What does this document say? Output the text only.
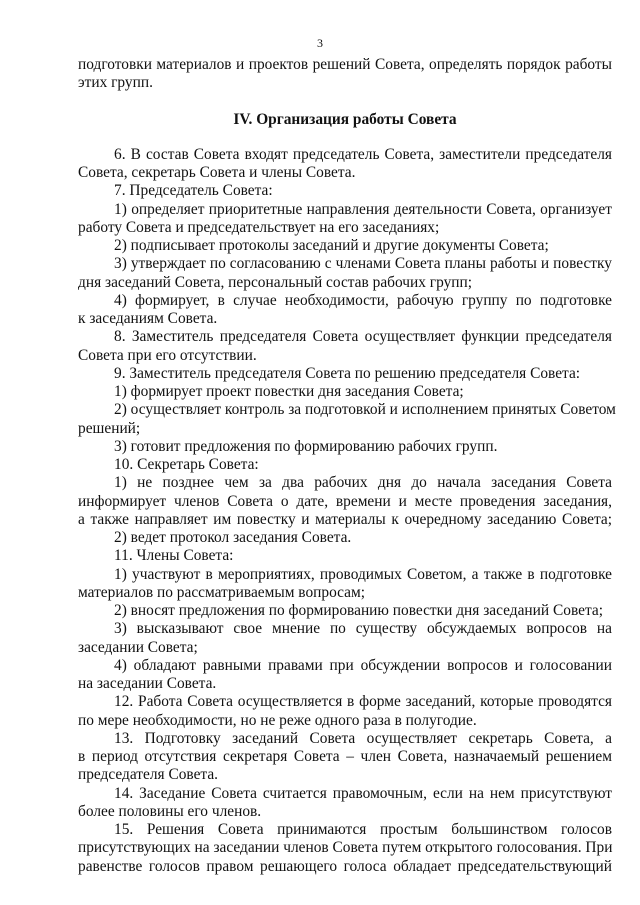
3
подготовки материалов и проектов решений Совета, определять порядок работы
этих групп.
IV. Организация работы Совета
6. В состав Совета входят председатель Совета, заместители председателя
Совета, секретарь Совета и члены Совета.
7. Председатель Совета:
1) определяет приоритетные направления деятельности Совета, организует
работу Совета и председательствует на его заседаниях;
2) подписывает протоколы заседаний и другие документы Совета;
3) утверждает по согласованию с членами Совета планы работы и повестку
дня заседаний Совета, персональный состав рабочих групп;
4) формирует, в случае необходимости, рабочую группу по подготовке
к заседаниям Совета.
8. Заместитель председателя Совета осуществляет функции председателя
Совета при его отсутствии.
9. Заместитель председателя Совета по решению председателя Совета:
1) формирует проект повестки дня заседания Совета;
2) осуществляет контроль за подготовкой и исполнением принятых Советом
решений;
3) готовит предложения по формированию рабочих групп.
10. Секретарь Совета:
1) не позднее чем за два рабочих дня до начала заседания Совета
информирует членов Совета о дате, времени и месте проведения заседания,
а также направляет им повестку и материалы к очередному заседанию Совета;
2) ведет протокол заседания Совета.
11. Члены Совета:
1) участвуют в мероприятиях, проводимых Советом, а также в подготовке
материалов по рассматриваемым вопросам;
2) вносят предложения по формированию повестки дня заседаний Совета;
3) высказывают свое мнение по существу обсуждаемых вопросов на
заседании Совета;
4) обладают равными правами при обсуждении вопросов и голосовании
на заседании Совета.
12. Работа Совета осуществляется в форме заседаний, которые проводятся
по мере необходимости, но не реже одного раза в полугодие.
13. Подготовку заседаний Совета осуществляет секретарь Совета, а
в период отсутствия секретаря Совета – член Совета, назначаемый решением
председателя Совета.
14. Заседание Совета считается правомочным, если на нем присутствуют
более половины его членов.
15. Решения Совета принимаются простым большинством голосов
присутствующих на заседании членов Совета путем открытого голосования. При
равенстве голосов правом решающего голоса обладает председательствующий
